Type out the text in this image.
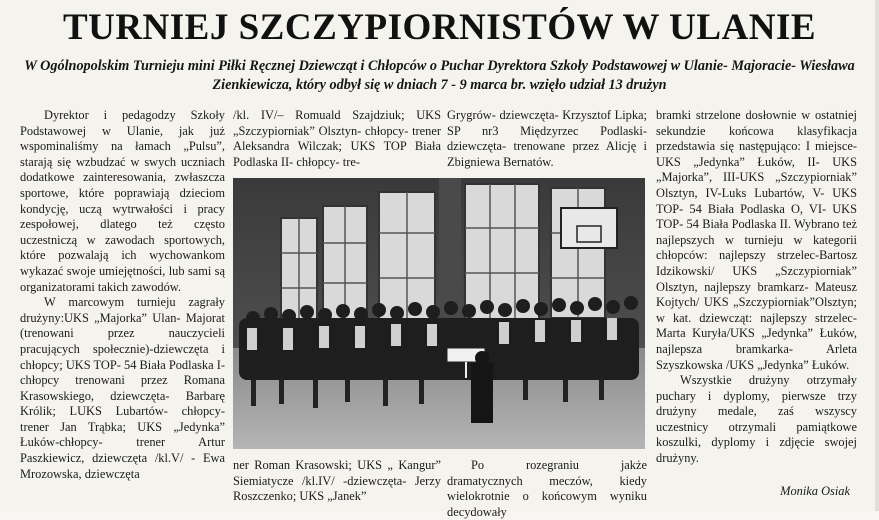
TURNIEJ SZCZYPIORNISTÓW W ULANIE
W Ogólnopolskim Turnieju mini Piłki Ręcznej Dziewcząt i Chłopców o Puchar Dyrektora Szkoły Podstawowej w Ulanie- Majoracie- Wiesława Zienkiewicza, który odbył się w dniach 7 - 9 marca br. wzięło udział 13 drużyn

Dyrektor i pedagodzy Szkoły Podstawowej w Ulanie, jak już wspominaliśmy na łamach „Pulsu”, starają się wzbudzać w swych uczniach dodatkowe zainteresowania, zwłaszcza sportowe, które poprawiają dzieciom kondycję, uczą wytrwałości i pracy zespołowej, dlatego też często uczestniczą w zawodach sportowych, które pozwalają ich wychowankom wykazać swoje umiejętności, lub sami są organizatorami takich zawodów.

W marcowym turnieju zagrały drużyny:UKS „Majorka” Ulan- Majorat (trenowani przez nauczycieli pracujących społecznie)-dziewczęta i chłopcy; UKS TOP- 54 Biała Podlaska I- chłopcy trenowani przez Romana Krasowskiego, dziewczęta- Barbarę Królik; LUKS Lubartów- chłopcy- trener Jan Trąbka; UKS „Jedynka” Łuków-chłopcy- trener Artur Paszkiewicz, dziewczęta /kl.V/ - Ewa Mrozowska, dziewczęta

/kl. IV/– Romuald Szajdziuk; UKS „Szczypiorniak” Olsztyn- chłopcy- trener Aleksandra Wilczak; UKS TOP Biała Podlaska II- chłopcy- tre-

Grygrów- dziewczęta- Krzysztof Lipka; SP nr3 Międzyrzec Podlaski- dziewczęta- trenowane przez Alicję i Zbigniewa Bernatów.

bramki strzelone dosłownie w ostatniej sekundzie końcowa klasyfikacja przedstawia się następująco: I miejsce- UKS „Jedynka” Łuków, II- UKS „Majorka”, III-UKS „Szczypiorniak” Olsztyn, IV-Luks Lubartów, V- UKS TOP- 54 Biała Podlaska O, VI- UKS TOP- 54 Biała Podlaska II. Wybrano też najlepszych w turnieju w kategorii chłopców: najlepszy strzelec-Bartosz Idzikowski/ UKS „Szczypiorniak” Olsztyn, najlepszy bramkarz- Mateusz Kojtych/ UKS „Szczypiorniak”Olsztyn; w kat. dziewcząt: najlepszy strzelec- Marta Kuryła/UKS „Jedynka” Łuków, najlepsza bramkarka- Arleta Szyszkowska /UKS „Jedynka” Łuków.

Wszystkie drużyny otrzymały puchary i dyplomy, pierwsze trzy drużyny medale, zaś wszyscy uczestnicy otrzymali pamiątkowe koszulki, dyplomy i zdjęcie swojej drużyny.

ner Roman Krasowski; UKS „ Kangur” Siemiatycze /kl.IV/ -dziewczęta- Jerzy Roszczenko; UKS „Janek”

Po rozegraniu jakże dramatycznych meczów, kiedy wielokrotnie o końcowym wyniku decydowały

Monika Osiak
